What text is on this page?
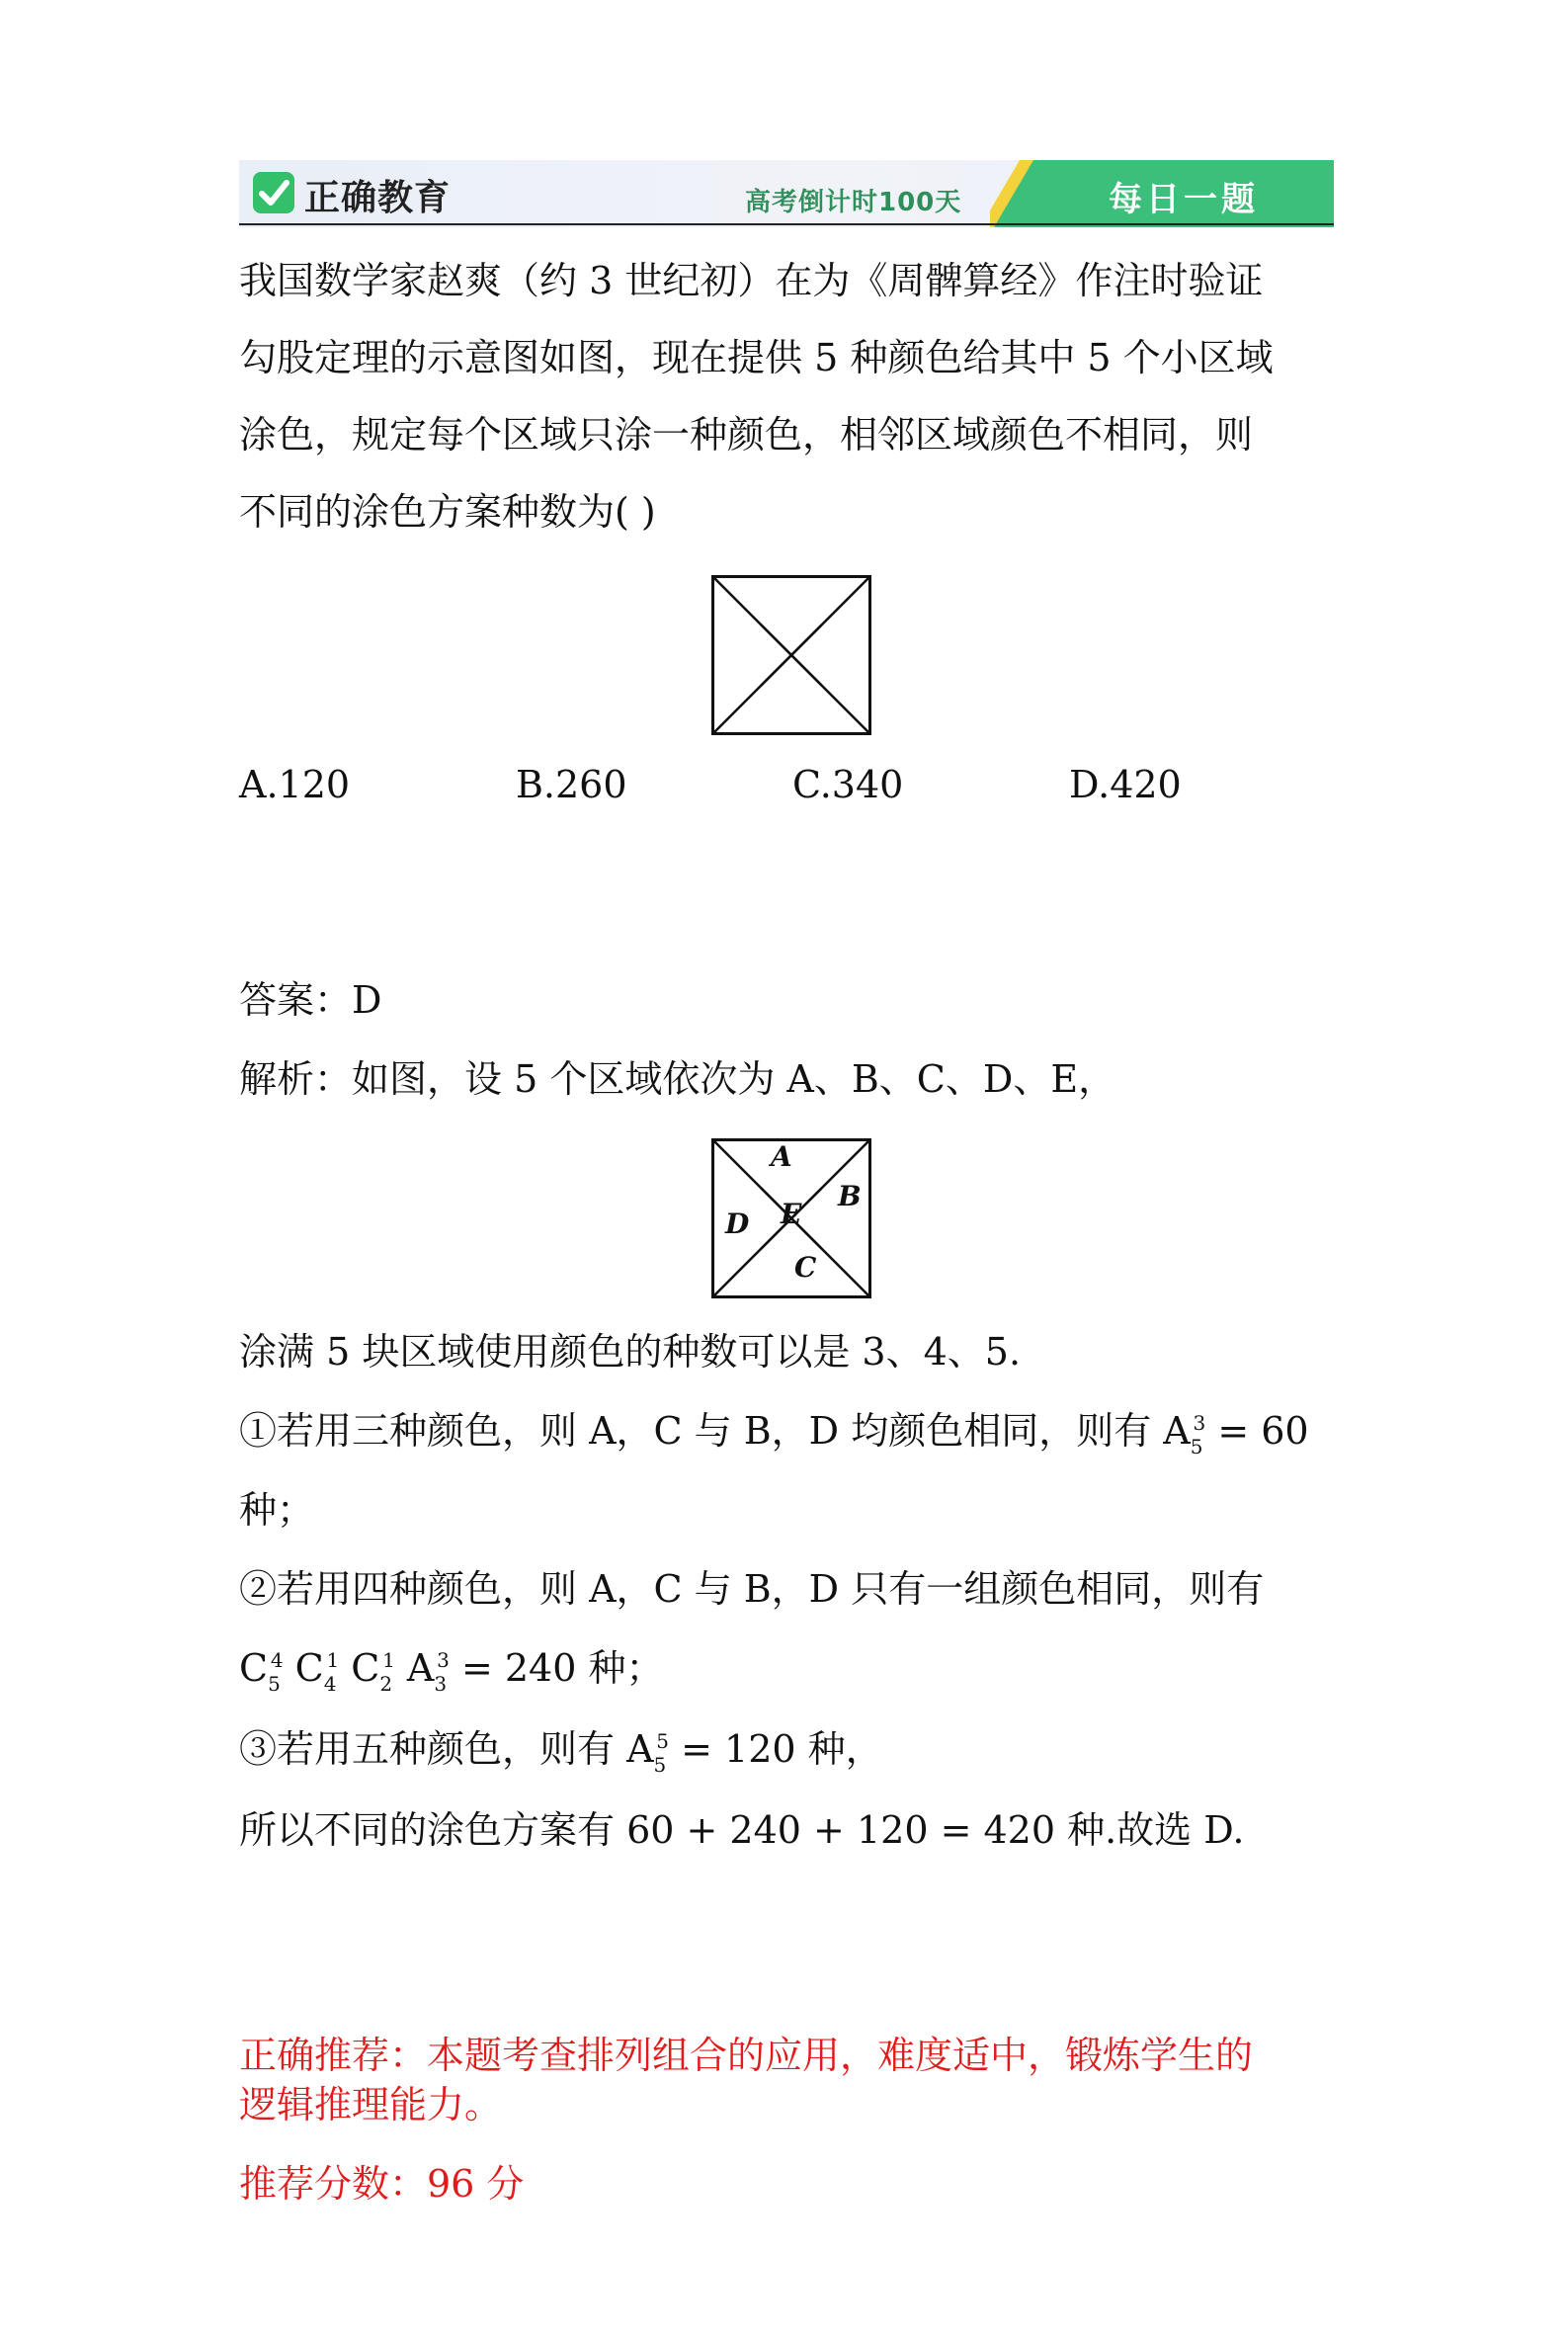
正确教育	高考倒计时100天	每日一题
我国数学家赵爽（约 3 世纪初）在为《周髀算经》作注时验证
勾股定理的示意图如图，现在提供 5 种颜色给其中 5 个小区域
涂色，规定每个区域只涂一种颜色，相邻区域颜色不相同，则
不同的涂色方案种数为( )
A.120	B.260	C.340	D.420
答案：D
解析：如图，设 5 个区域依次为 A、B、C、D、E，
A
B
C
D E
涂满 5 块区域使用颜色的种数可以是 3、4、5.
①若用三种颜色，则 A，C 与 B，D 均颜色相同，则有 $A_5^3 = 60$
种；
②若用四种颜色，则 A，C 与 B，D 只有一组颜色相同，则有
$C_5^4$ $C_4^1$ $C_2^1$ $A_3^3 = 240$ 种；
③若用五种颜色，则有 $A_5^5 = 120$ 种，
所以不同的涂色方案有 60 + 240 + 120 = 420 种.故选 D.
正确推荐：本题考查排列组合的应用，难度适中，锻炼学生的
逻辑推理能力。
推荐分数：96 分
